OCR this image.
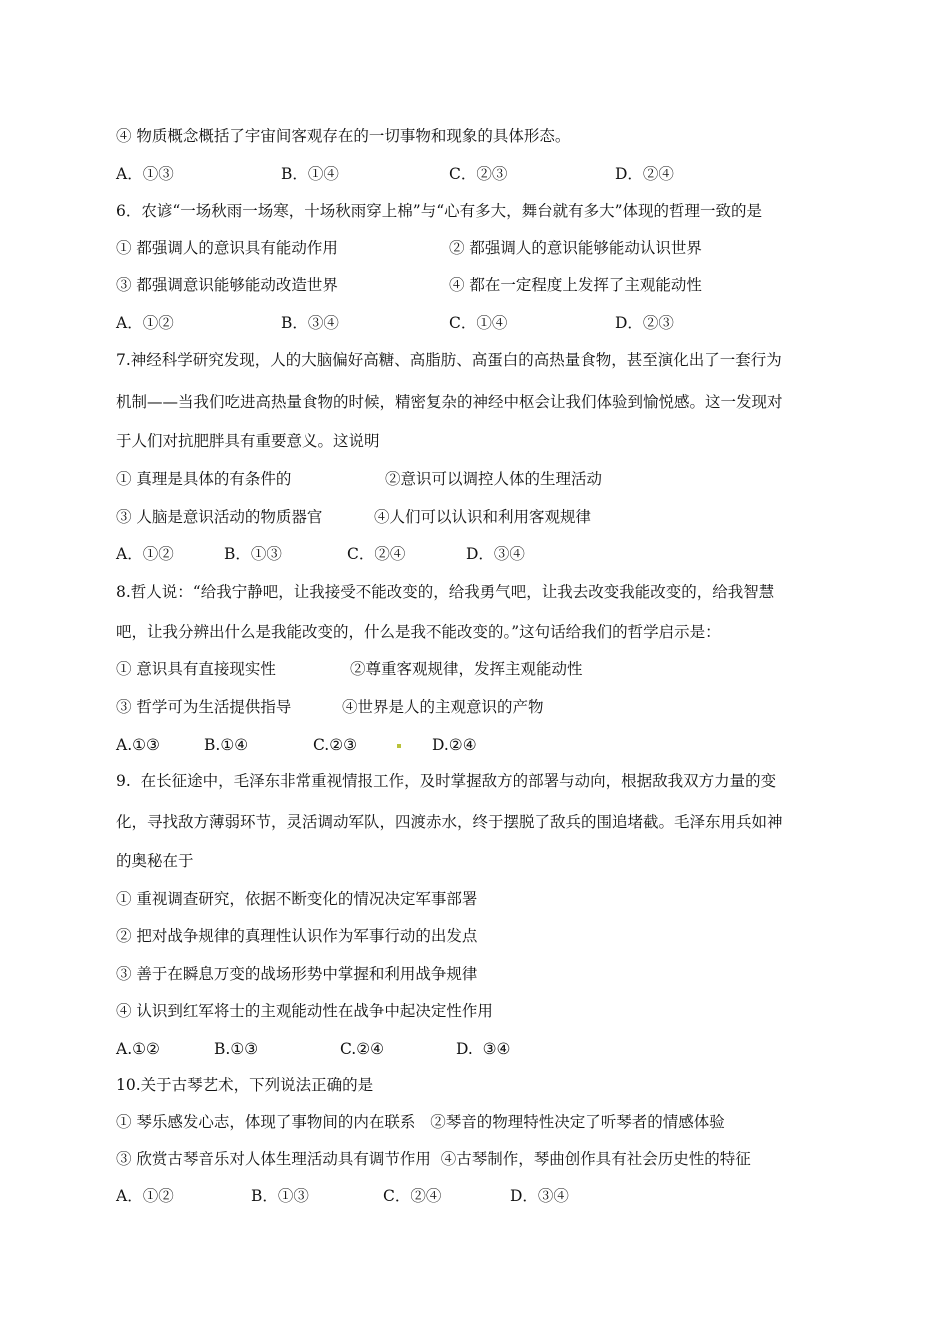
④ 物质概念概括了宇宙间客观存在的一切事物和现象的具体形态。
A．①③	B．①④	C．②③	D．②④
6．农谚“一场秋雨一场寒，十场秋雨穿上棉”与“心有多大，舞台就有多大”体现的哲理一致的是
① 都强调人的意识具有能动作用	② 都强调人的意识能够能动认识世界
③ 都强调意识能够能动改造世界	④ 都在一定程度上发挥了主观能动性
A．①②	B．③④	C．①④	D．②③
7.神经科学研究发现，人的大脑偏好高糖、高脂肪、高蛋白的高热量食物，甚至演化出了一套行为
机制——当我们吃进高热量食物的时候，精密复杂的神经中枢会让我们体验到愉悦感。这一发现对
于人们对抗肥胖具有重要意义。这说明
① 真理是具体的有条件的	②意识可以调控人体的生理活动
③ 人脑是意识活动的物质器官	④人们可以认识和利用客观规律
A．①②	B．①③	C．②④	D．③④
8.哲人说：“给我宁静吧，让我接受不能改变的，给我勇气吧，让我去改变我能改变的，给我智慧
吧，让我分辨出什么是我能改变的，什么是我不能改变的。”这句话给我们的哲学启示是：
① 意识具有直接现实性	②尊重客观规律，发挥主观能动性
③ 哲学可为生活提供指导	④世界是人的主观意识的产物
A.①③	B.①④	C.②③	D.②④
9.  在长征途中，毛泽东非常重视情报工作，及时掌握敌方的部署与动向，根据敌我双方力量的变
化，寻找敌方薄弱环节，灵活调动军队，四渡赤水，终于摆脱了敌兵的围追堵截。毛泽东用兵如神
的奥秘在于
① 重视调查研究，依据不断变化的情况决定军事部署
② 把对战争规律的真理性认识作为军事行动的出发点
③ 善于在瞬息万变的战场形势中掌握和利用战争规律
④ 认识到红军将士的主观能动性在战争中起决定性作用
A.①②	B.①③	C.②④	D.  ③④
10.关于古琴艺术，下列说法正确的是
① 琴乐感发心志，体现了事物间的内在联系   ②琴音的物理特性决定了听琴者的情感体验
③ 欣赏古琴音乐对人体生理活动具有调节作用  ④古琴制作，琴曲创作具有社会历史性的特征
A．①②	B．①③	C．②④	D．③④
